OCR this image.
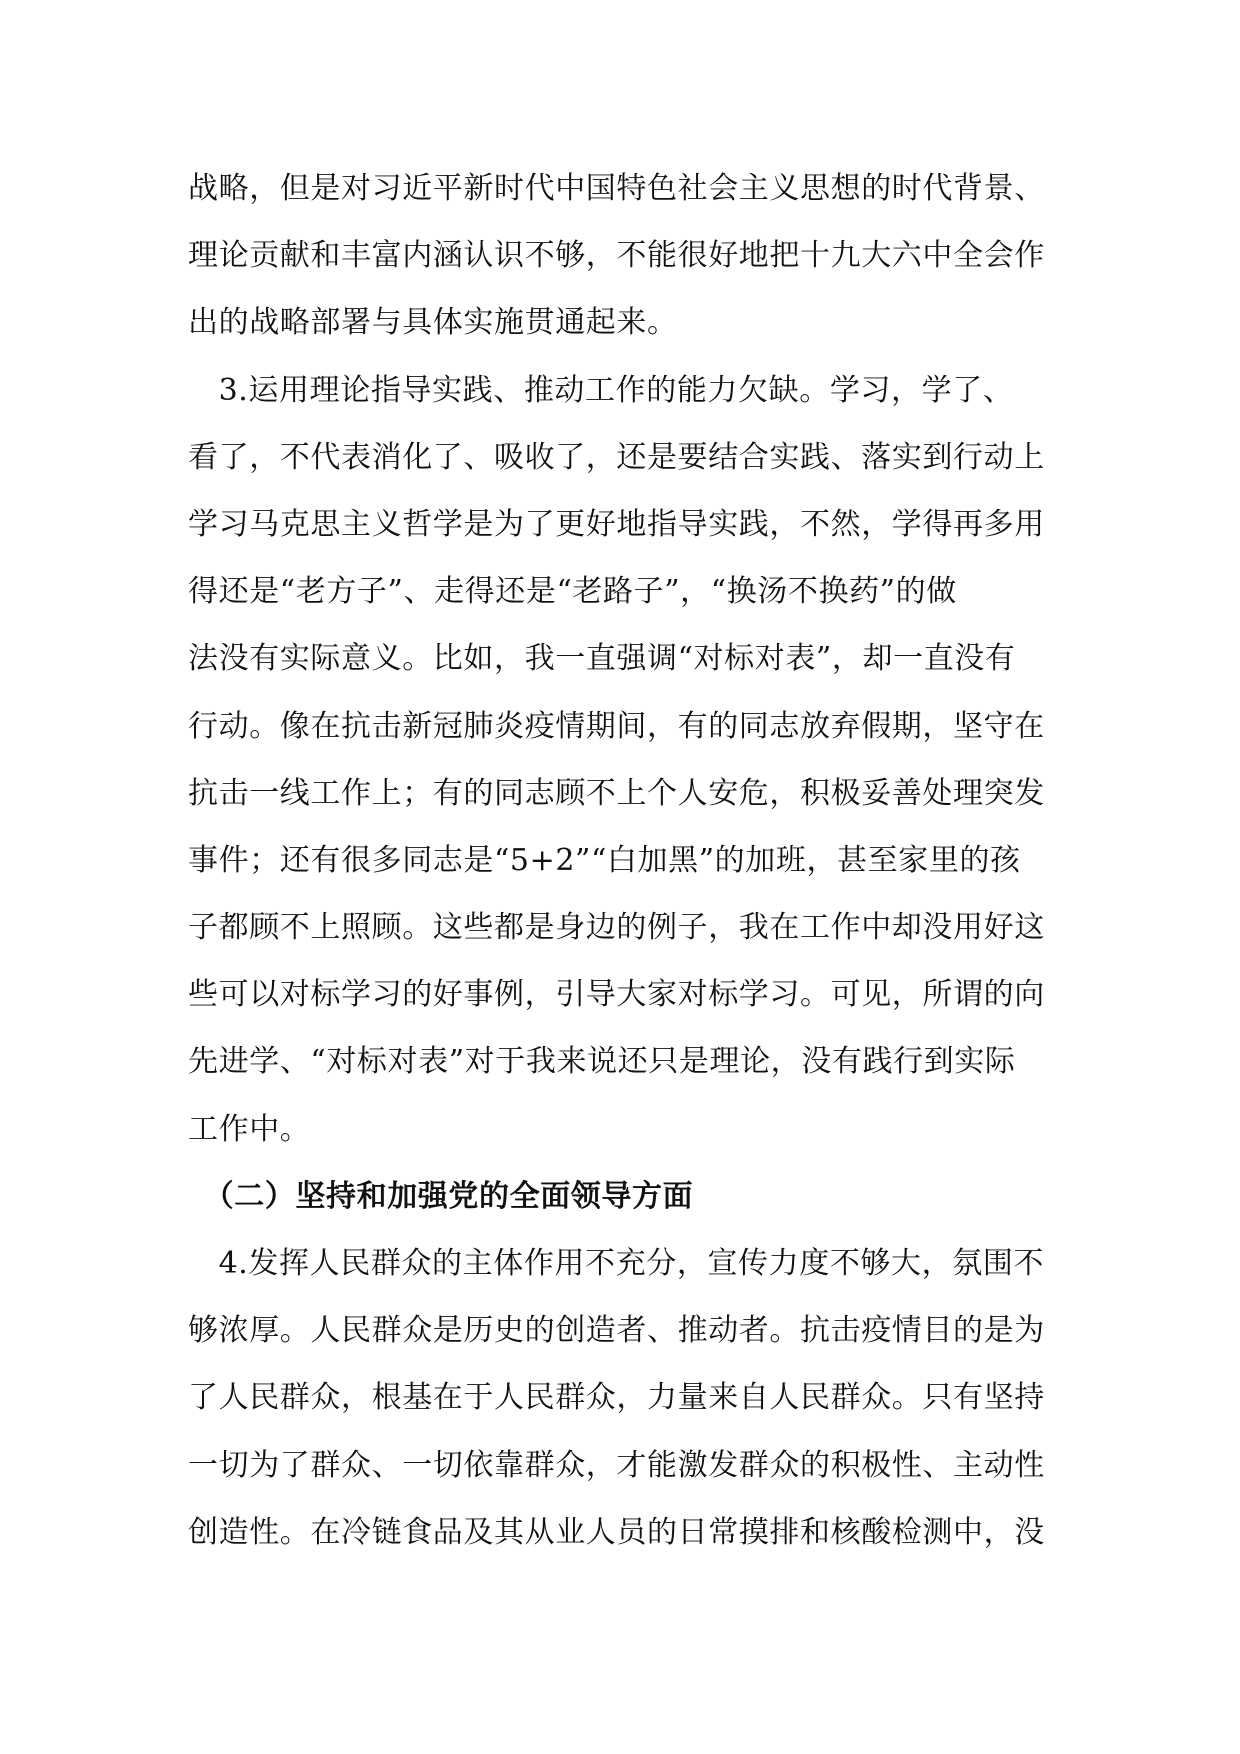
战略，但是对习近平新时代中国特色社会主义思想的时代背景、
理论贡献和丰富内涵认识不够，不能很好地把十九大六中全会作
出的战略部署与具体实施贯通起来。
　3.运用理论指导实践、推动工作的能力欠缺。学习，学了、
看了，不代表消化了、吸收了，还是要结合实践、落实到行动上
学习马克思主义哲学是为了更好地指导实践，不然，学得再多用
得还是“老方子”、走得还是“老路子”，“换汤不换药”的做
法没有实际意义。比如，我一直强调“对标对表”，却一直没有
行动。像在抗击新冠肺炎疫情期间，有的同志放弃假期，坚守在
抗击一线工作上；有的同志顾不上个人安危，积极妥善处理突发
事件；还有很多同志是“5+2”“白加黑”的加班，甚至家里的孩
子都顾不上照顾。这些都是身边的例子，我在工作中却没用好这
些可以对标学习的好事例，引导大家对标学习。可见，所谓的向
先进学、“对标对表”对于我来说还只是理论，没有践行到实际
工作中。
　（二）坚持和加强党的全面领导方面
　4.发挥人民群众的主体作用不充分，宣传力度不够大，氛围不
够浓厚。人民群众是历史的创造者、推动者。抗击疫情目的是为
了人民群众，根基在于人民群众，力量来自人民群众。只有坚持
一切为了群众、一切依靠群众，才能激发群众的积极性、主动性
创造性。在冷链食品及其从业人员的日常摸排和核酸检测中，没
